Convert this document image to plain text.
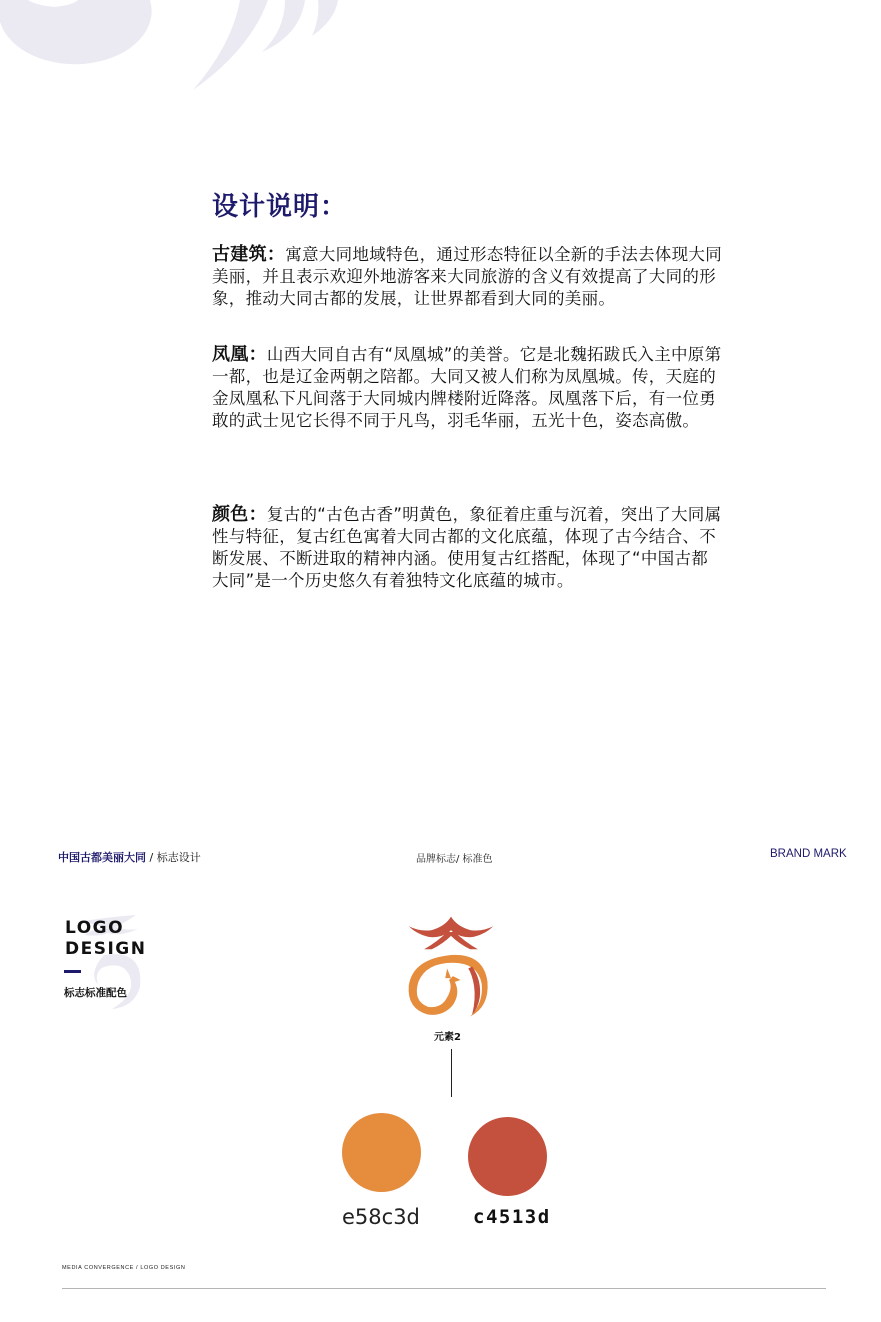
设计说明：
古建筑：寓意大同地域特色，通过形态特征以全新的手法去体现大同美丽，并且表示欢迎外地游客来大同旅游的含义有效提高了大同的形象，推动大同古都的发展，让世界都看到大同的美丽。
凤凰：山西大同自古有“凤凰城”的美誉。它是北魏拓跋氏入主中原第一都，也是辽金两朝之陪都。大同又被人们称为凤凰城。传，天庭的金凤凰私下凡间落于大同城内牌楼附近降落。凤凰落下后，有一位勇敢的武士见它长得不同于凡鸟，羽毛华丽，五光十色，姿态高傲。
颜色：复古的“古色古香”明黄色，象征着庄重与沉着，突出了大同属性与特征，复古红色寓着大同古都的文化底蕴，体现了古今结合、不断发展、不断进取的精神内涵。使用复古红搭配，体现了“中国古都大同”是一个历史悠久有着独特文化底蕴的城市。
中国古都美丽大同 / 标志设计	品牌标志/ 标准色	BRAND MARK
LOGO
DESIGN
标志标准配色
元素2
e58c3d	c4513d
MEDIA CONVERGENCE / LOGO DESIGN
